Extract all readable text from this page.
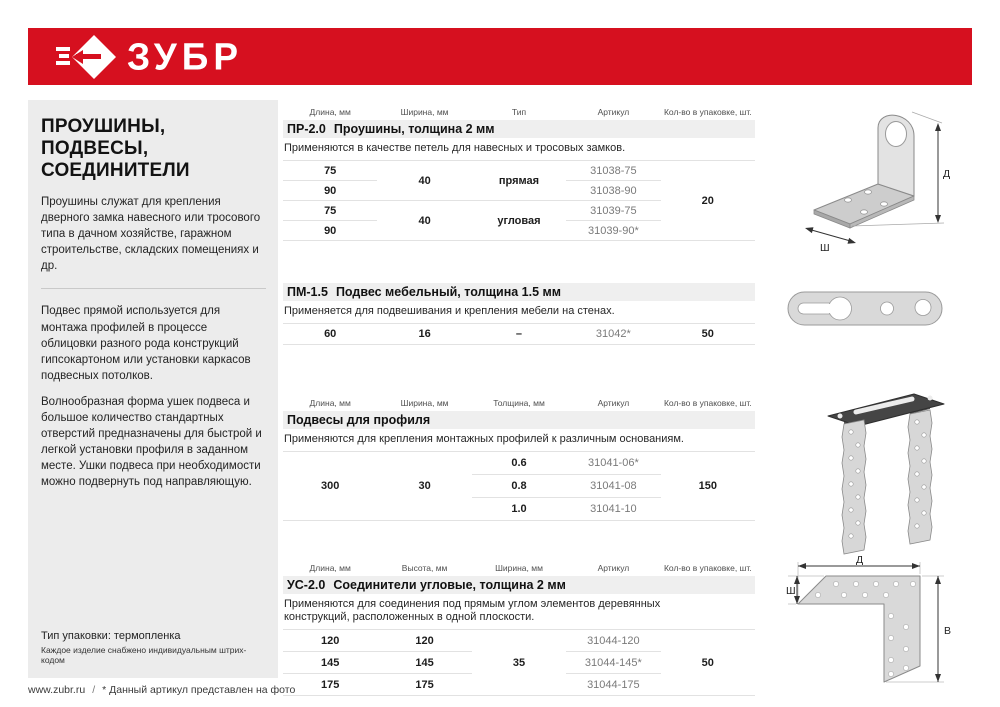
ЗУБР
ПРОУШИНЫ,
ПОДВЕСЫ,
СОЕДИНИТЕЛИ

Проушины служат для крепления дверного замка навесного или тросового типа в дачном хозяйстве, гаражном строительстве, складских помещениях и др.

Подвес прямой используется для монтажа профилей в процессе облицовки разного рода конструкций гипсокартоном или установки каркасов подвесных потолков.

Волнообразная форма ушек подвеса и большое количество стандартных отверстий предназначены для быстрой и легкой установки профиля в заданном месте. Ушки подвеса при необходимости можно подвернуть под направляющую.

Тип упаковки: термопленка
Каждое изделие снабжено индивидуальным штрих-кодом
Длина, мм	Ширина, мм	Тип	Артикул	Кол-во в упаковке, шт.
ПР-2.0 Проушины, толщина 2 мм
Применяются в качестве петель для навесных и тросовых замков.
75	40	прямая	31038-75	20
90			31038-90	
75	40	угловая	31039-75	
90			31039-90*	
ПМ-1.5 Подвес мебельный, толщина 1.5 мм
Применяется для подвешивания и крепления мебели на стенах.
60	16	–	31042*	50
Длина, мм	Ширина, мм	Толщина, мм	Артикул	Кол-во в упаковке, шт.
Подвесы для профиля
Применяются для крепления монтажных профилей к различным основаниям.
300	30	0.6	31041-06*	150
		0.8	31041-08	
		1.0	31041-10	
Длина, мм	Высота, мм	Ширина, мм	Артикул	Кол-во в упаковке, шт.
УС-2.0 Соединители угловые, толщина 2 мм
Применяются для соединения под прямым углом элементов деревянных конструкций, расположенных в одной плоскости.
120	120	35	31044-120	50
145	145		31044-145*	
175	175		31044-175	
Д
Ш
Д
Ш
В
www.zubr.ru / * Данный артикул представлен на фото
